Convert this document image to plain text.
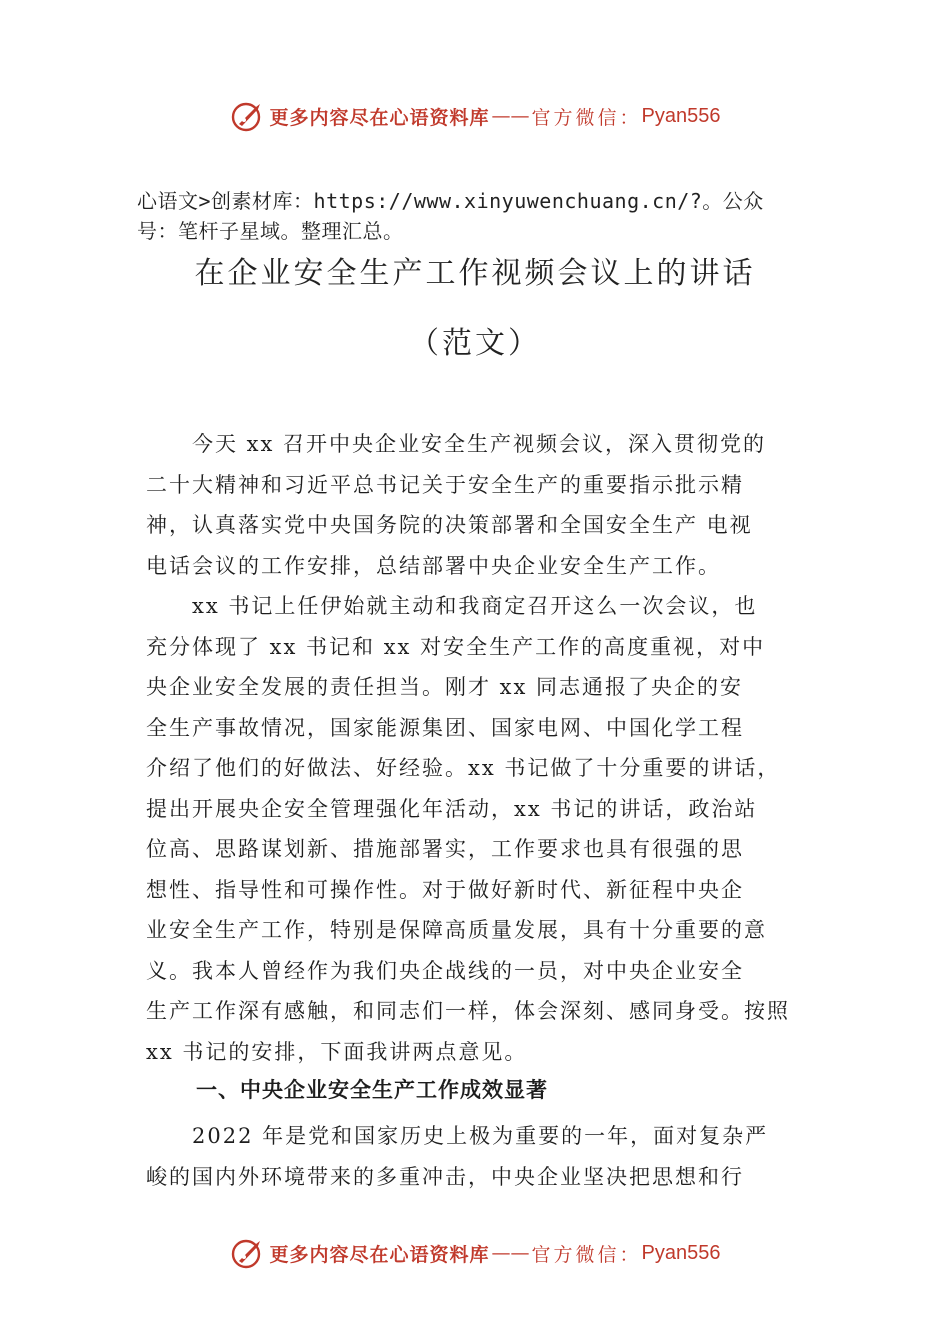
更多内容尽在心语资料库 —— 官方微信： Pyan556
心语文>创素材库：https://www.xinyuwenchuang.cn/?。公众
号：笔杆子星域。整理汇总。
在企业安全生产工作视频会议上的讲话
（范文）
　　今天 xx 召开中央企业安全生产视频会议，深入贯彻党的
二十大精神和习近平总书记关于安全生产的重要指示批示精
神，认真落实党中央国务院的决策部署和全国安全生产 电视
电话会议的工作安排，总结部署中央企业安全生产工作。
　　xx 书记上任伊始就主动和我商定召开这么一次会议，也
充分体现了 xx 书记和 xx 对安全生产工作的高度重视，对中
央企业安全发展的责任担当。刚才 xx 同志通报了央企的安
全生产事故情况，国家能源集团、国家电网、中国化学工程
介绍了他们的好做法、好经验。xx 书记做了十分重要的讲话，
提出开展央企安全管理强化年活动，xx 书记的讲话，政治站
位高、思路谋划新、措施部署实，工作要求也具有很强的思
想性、指导性和可操作性。对于做好新时代、新征程中央企
业安全生产工作，特别是保障高质量发展，具有十分重要的意
义。我本人曾经作为我们央企战线的一员，对中央企业安全
生产工作深有感触，和同志们一样，体会深刻、感同身受。按照
xx 书记的安排，下面我讲两点意见。
一、中央企业安全生产工作成效显著
　　2022 年是党和国家历史上极为重要的一年，面对复杂严
峻的国内外环境带来的多重冲击，中央企业坚决把思想和行
更多内容尽在心语资料库 —— 官方微信： Pyan556
